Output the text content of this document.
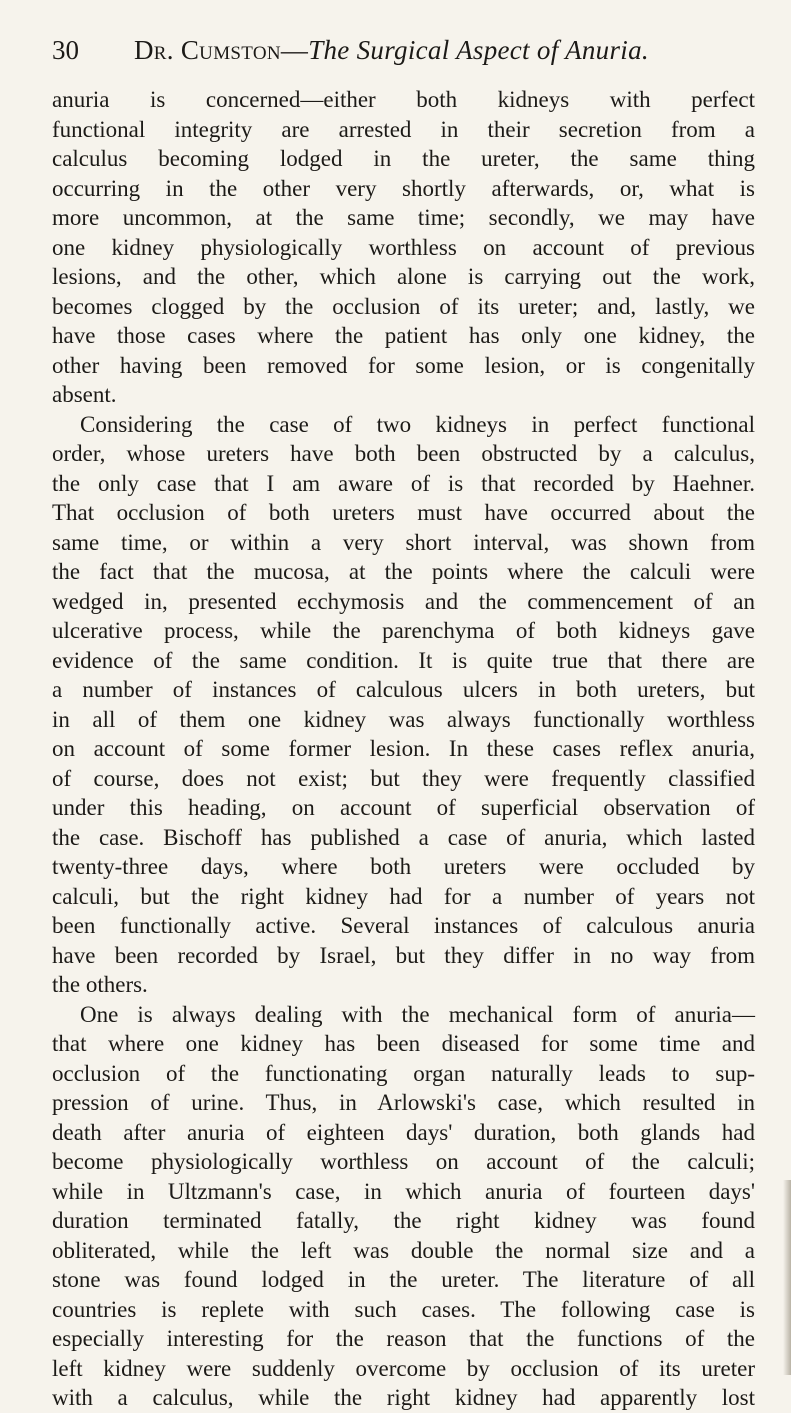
30 Dr. Cumston—The Surgical Aspect of Anuria.
anuria is concerned—either both kidneys with perfect
functional integrity are arrested in their secretion from a
calculus becoming lodged in the ureter, the same thing
occurring in the other very shortly afterwards, or, what is
more uncommon, at the same time; secondly, we may have
one kidney physiologically worthless on account of previous
lesions, and the other, which alone is carrying out the work,
becomes clogged by the occlusion of its ureter; and, lastly, we
have those cases where the patient has only one kidney, the
other having been removed for some lesion, or is congenitally
absent.
Considering the case of two kidneys in perfect functional
order, whose ureters have both been obstructed by a calculus,
the only case that I am aware of is that recorded by Haehner.
That occlusion of both ureters must have occurred about the
same time, or within a very short interval, was shown from
the fact that the mucosa, at the points where the calculi were
wedged in, presented ecchymosis and the commencement of an
ulcerative process, while the parenchyma of both kidneys gave
evidence of the same condition. It is quite true that there are
a number of instances of calculous ulcers in both ureters, but
in all of them one kidney was always functionally worthless
on account of some former lesion. In these cases reflex anuria,
of course, does not exist; but they were frequently classified
under this heading, on account of superficial observation of
the case. Bischoff has published a case of anuria, which lasted
twenty-three days, where both ureters were occluded by
calculi, but the right kidney had for a number of years not
been functionally active. Several instances of calculous anuria
have been recorded by Israel, but they differ in no way from
the others.
One is always dealing with the mechanical form of anuria—
that where one kidney has been diseased for some time and
occlusion of the functionating organ naturally leads to sup-
pression of urine. Thus, in Arlowski's case, which resulted in
death after anuria of eighteen days' duration, both glands had
become physiologically worthless on account of the calculi;
while in Ultzmann's case, in which anuria of fourteen days'
duration terminated fatally, the right kidney was found
obliterated, while the left was double the normal size and a
stone was found lodged in the ureter. The literature of all
countries is replete with such cases. The following case is
especially interesting for the reason that the functions of the
left kidney were suddenly overcome by occlusion of its ureter
with a calculus, while the right kidney had apparently lost
